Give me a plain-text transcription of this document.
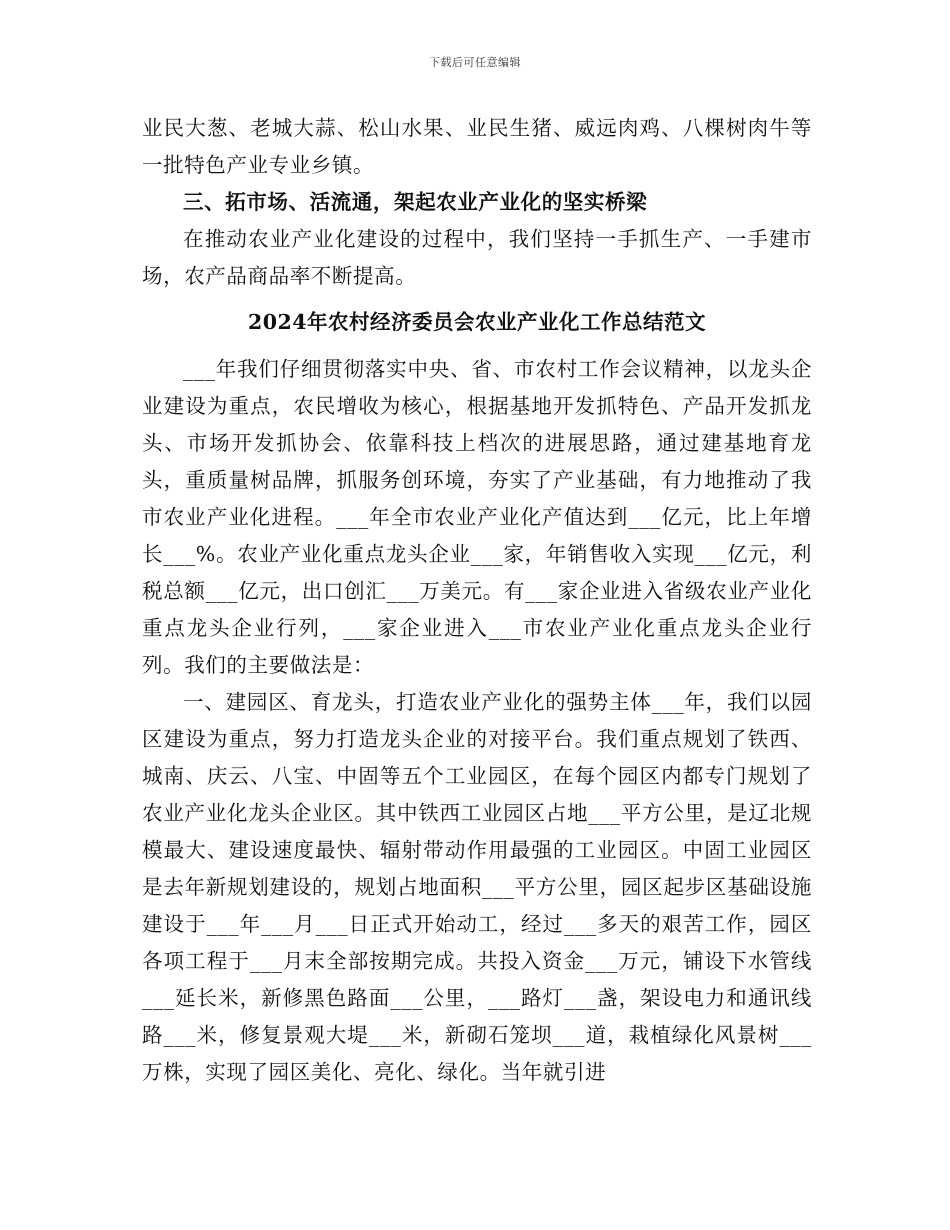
下载后可任意编辑

业民大葱、老城大蒜、松山水果、业民生猪、威远肉鸡、八棵树肉牛等一批特色产业专业乡镇。

三、拓市场、活流通，架起农业产业化的坚实桥梁

在推动农业产业化建设的过程中，我们坚持一手抓生产、一手建市场，农产品商品率不断提高。

2024年农村经济委员会农业产业化工作总结范文

___年我们仔细贯彻落实中央、省、市农村工作会议精神，以龙头企业建设为重点，农民增收为核心，根据基地开发抓特色、产品开发抓龙头、市场开发抓协会、依靠科技上档次的进展思路，通过建基地育龙头，重质量树品牌，抓服务创环境，夯实了产业基础，有力地推动了我市农业产业化进程。___年全市农业产业化产值达到___亿元，比上年增长___%。农业产业化重点龙头企业___家，年销售收入实现___亿元，利税总额___亿元，出口创汇___万美元。有___家企业进入省级农业产业化重点龙头企业行列，___家企业进入___市农业产业化重点龙头企业行列。我们的主要做法是：

一、建园区、育龙头，打造农业产业化的强势主体___年，我们以园区建设为重点，努力打造龙头企业的对接平台。我们重点规划了铁西、城南、庆云、八宝、中固等五个工业园区，在每个园区内都专门规划了农业产业化龙头企业区。其中铁西工业园区占地___平方公里，是辽北规模最大、建设速度最快、辐射带动作用最强的工业园区。中固工业园区是去年新规划建设的，规划占地面积___平方公里，园区起步区基础设施建设于___年___月___日正式开始动工，经过___多天的艰苦工作，园区各项工程于___月末全部按期完成。共投入资金___万元，铺设下水管线___延长米，新修黑色路面___公里，___路灯___盏，架设电力和通讯线路___米，修复景观大堤___米，新砌石笼坝___道，栽植绿化风景树___万株，实现了园区美化、亮化、绿化。当年就引进
